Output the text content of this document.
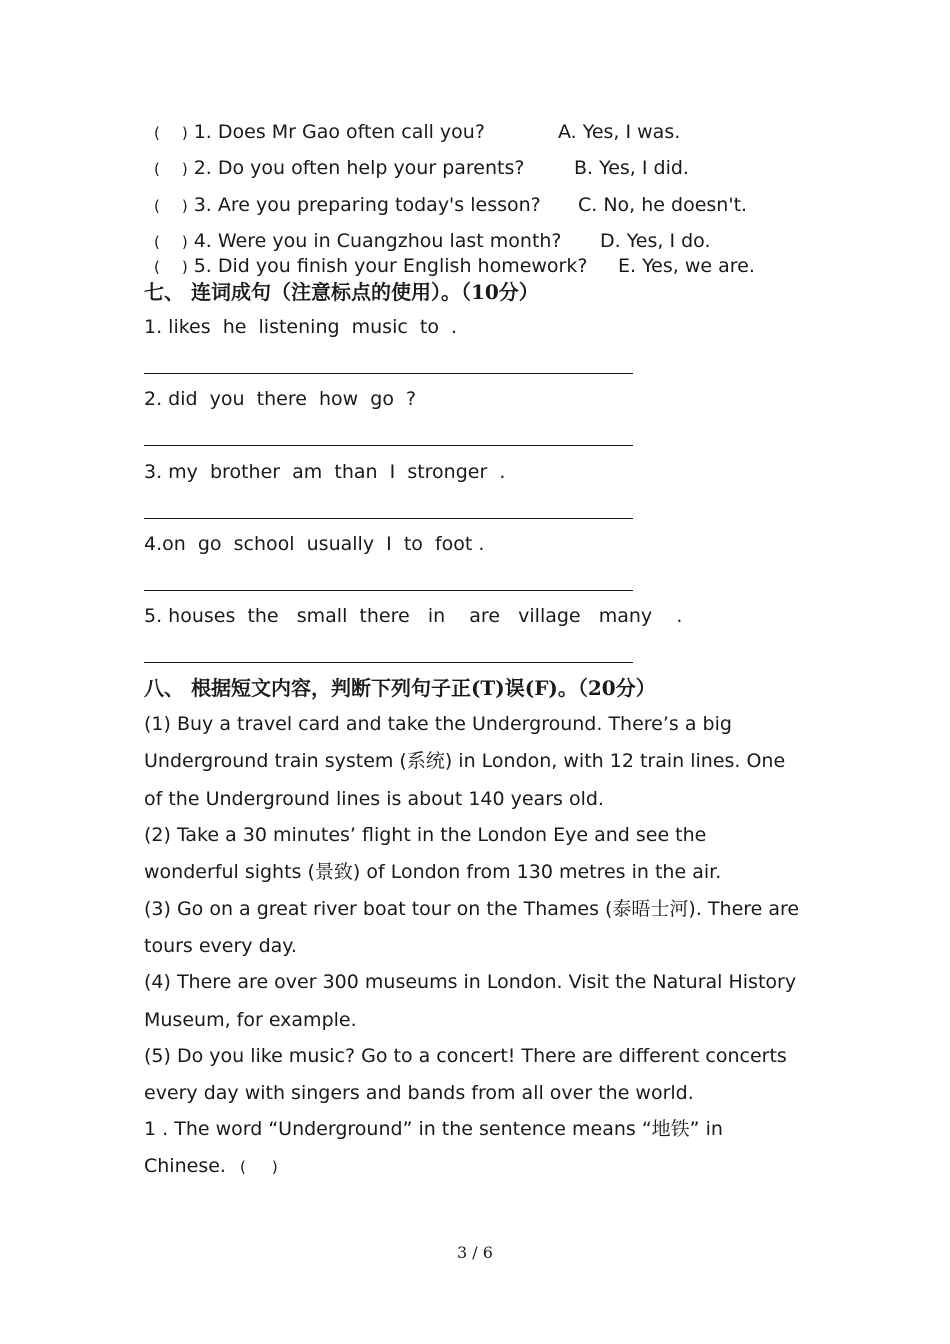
( ) 1. Does Mr Gao often call you?	A. Yes, I was.
( ) 2. Do you often help your parents?	B. Yes, I did.
( ) 3. Are you preparing today's lesson? C. No, he doesn't.
( ) 4. Were you in Cuangzhou last month? D. Yes, I do.
( ) 5. Did you finish your English homework? E. Yes, we are.
七、 连词成句（注意标点的使用）。（10分）
1. likes  he  listening  music  to  .
2. did  you  there  how  go  ?
3. my  brother  am  than  I  stronger  .
4.on  go  school  usually  I  to  foot .
5. houses  the   small  there   in    are   village   many    .
八、 根据短文内容，判断下列句子正(T)误(F)。（20分）
(1) Buy a travel card and take the Underground. There’s a big
Underground train system (系统) in London, with 12 train lines. One
of the Underground lines is about 140 years old.
(2) Take a 30 minutes’ flight in the London Eye and see the
wonderful sights (景致) of London from 130 metres in the air.
(3) Go on a great river boat tour on the Thames (泰晤士河). There are
tours every day.
(4) There are over 300 museums in London. Visit the Natural History
Museum, for example.
(5) Do you like music? Go to a concert! There are different concerts
every day with singers and bands from all over the world.
1 . The word “Underground” in the sentence means “地铁” in
Chinese. ( )
3 / 6
